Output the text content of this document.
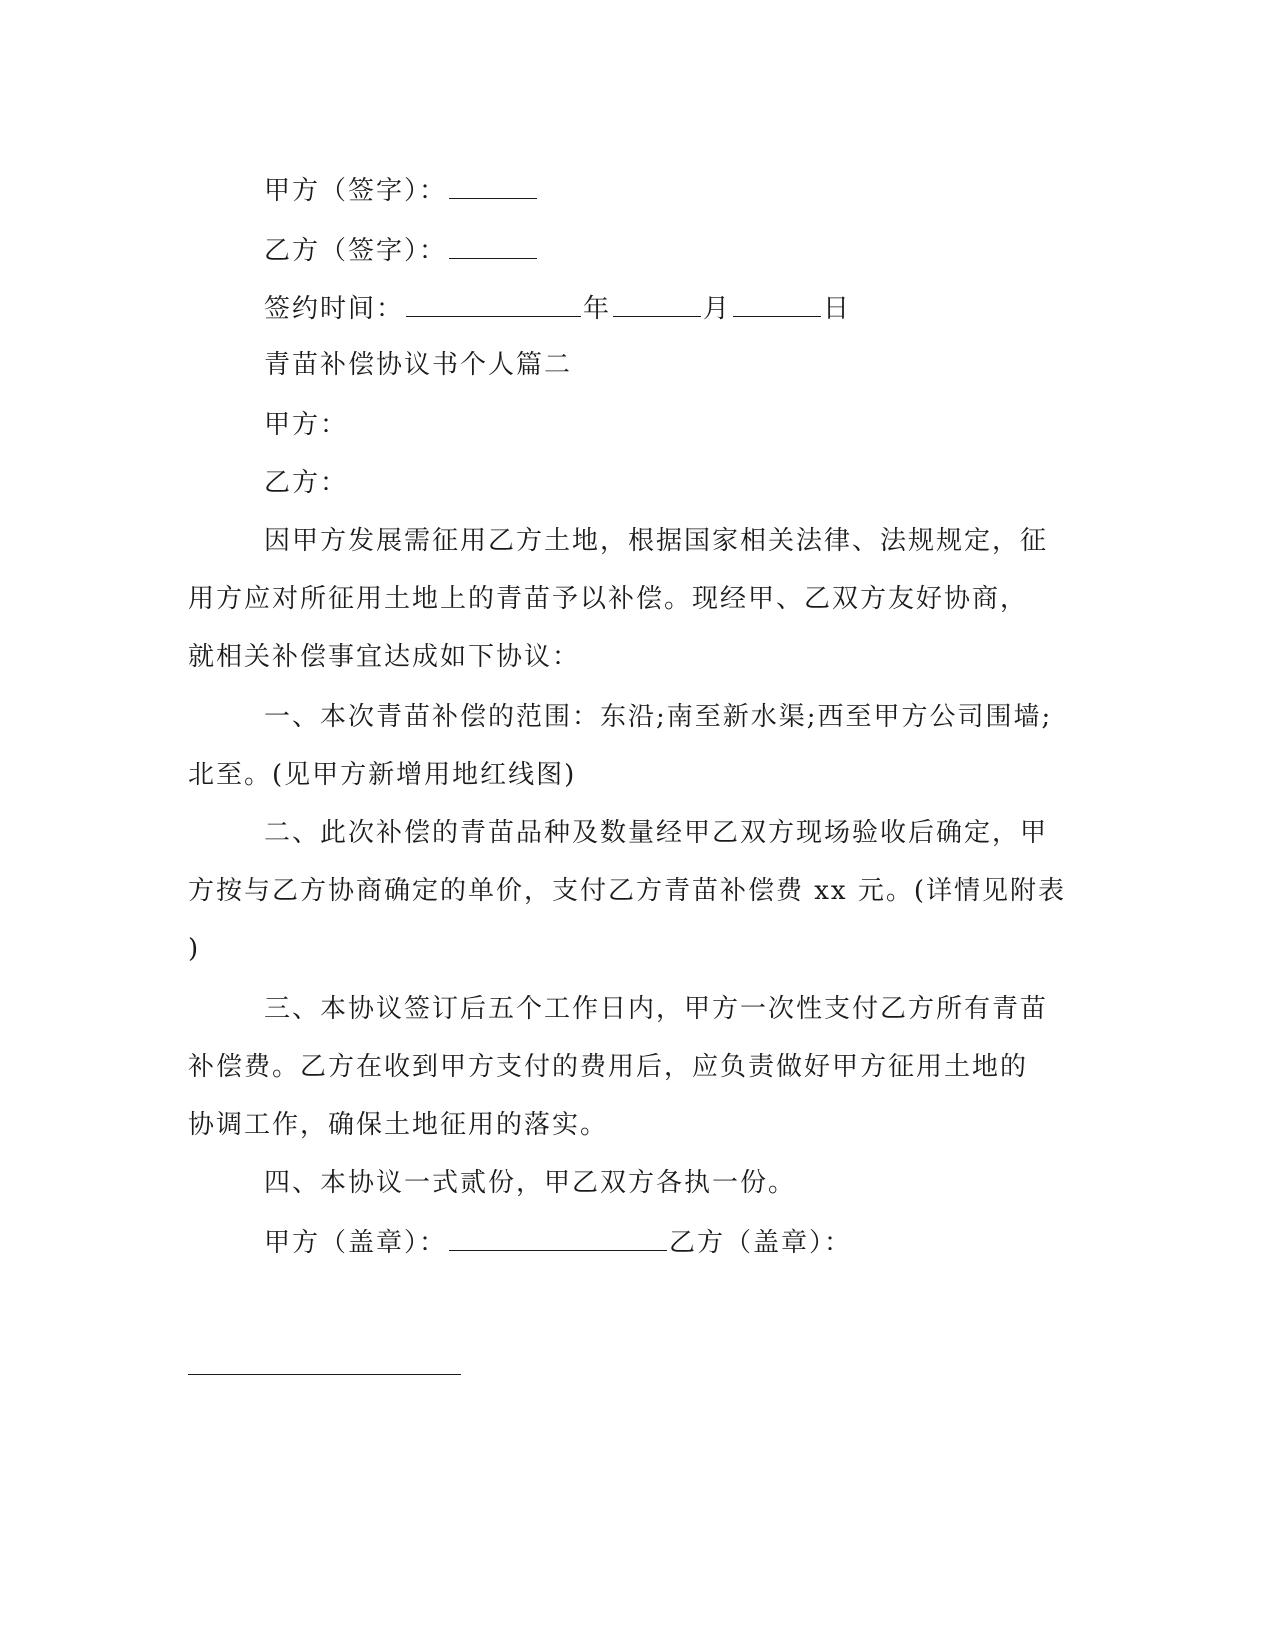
甲方（签字）：
乙方（签字）：
签约时间：	年	月	日
青苗补偿协议书个人篇二
甲方：
乙方：
因甲方发展需征用乙方土地，根据国家相关法律、法规规定，征
用方应对所征用土地上的青苗予以补偿。现经甲、乙双方友好协商，
就相关补偿事宜达成如下协议：
一、本次青苗补偿的范围：东沿;南至新水渠;西至甲方公司围墙;
北至。(见甲方新增用地红线图)
二、此次补偿的青苗品种及数量经甲乙双方现场验收后确定，甲
方按与乙方协商确定的单价，支付乙方青苗补偿费 xx 元。(详情见附表
)
三、本协议签订后五个工作日内，甲方一次性支付乙方所有青苗
补偿费。乙方在收到甲方支付的费用后，应负责做好甲方征用土地的
协调工作，确保土地征用的落实。
四、本协议一式贰份，甲乙双方各执一份。
甲方（盖章）：	乙方（盖章）：
